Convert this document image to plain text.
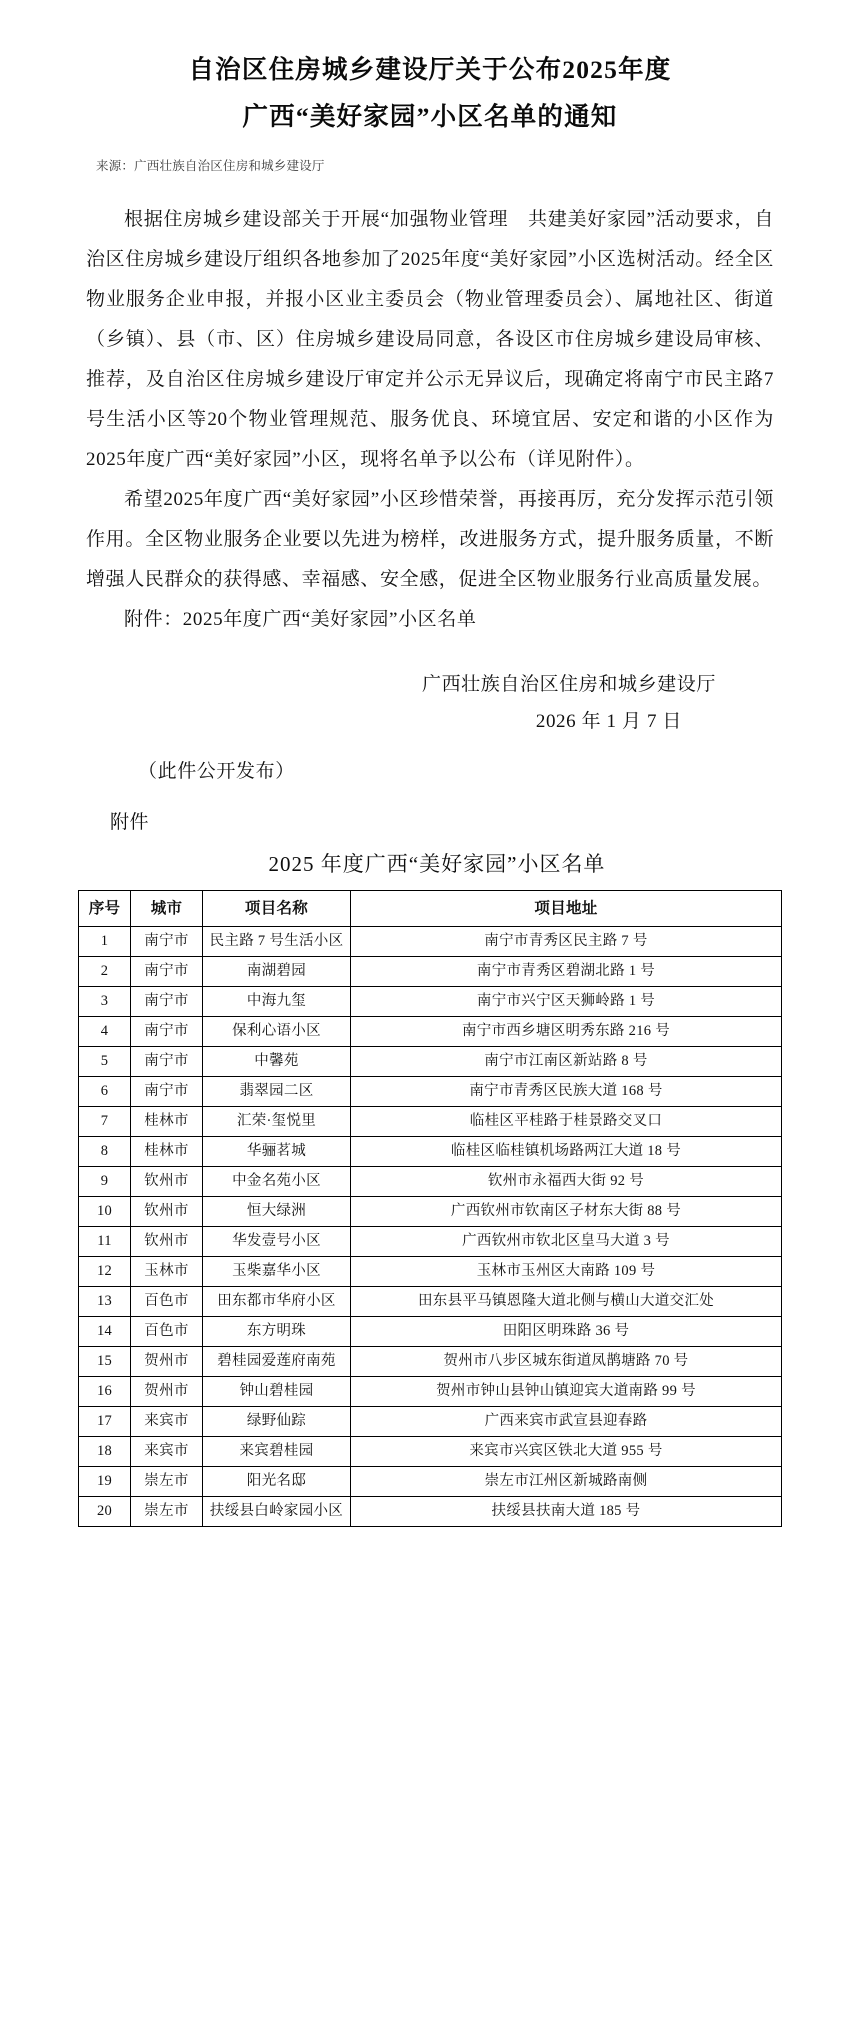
自治区住房城乡建设厅关于公布2025年度
广西“美好家园”小区名单的通知
来源：广西壮族自治区住房和城乡建设厅

根据住房城乡建设部关于开展“加强物业管理　共建美好家园”活动要求，自治区住房城乡建设厅组织各地参加了2025年度“美好家园”小区选树活动。经全区物业服务企业申报，并报小区业主委员会（物业管理委员会）、属地社区、街道（乡镇）、县（市、区）住房城乡建设局同意，各设区市住房城乡建设局审核、推荐，及自治区住房城乡建设厅审定并公示无异议后，现确定将南宁市民主路7号生活小区等20个物业管理规范、服务优良、环境宜居、安定和谐的小区作为2025年度广西“美好家园”小区，现将名单予以公布（详见附件）。

希望2025年度广西“美好家园”小区珍惜荣誉，再接再厉，充分发挥示范引领作用。全区物业服务企业要以先进为榜样，改进服务方式，提升服务质量，不断增强人民群众的获得感、幸福感、安全感，促进全区物业服务行业高质量发展。

附件：2025年度广西“美好家园”小区名单

广西壮族自治区住房和城乡建设厅
2026 年 1 月 7 日
（此件公开发布）
附件
2025 年度广西“美好家园”小区名单
序号	城市	项目名称	项目地址
1	南宁市	民主路 7 号生活小区	南宁市青秀区民主路 7 号
2	南宁市	南湖碧园	南宁市青秀区碧湖北路 1 号
3	南宁市	中海九玺	南宁市兴宁区天狮岭路 1 号
4	南宁市	保利心语小区	南宁市西乡塘区明秀东路 216 号
5	南宁市	中馨苑	南宁市江南区新站路 8 号
6	南宁市	翡翠园二区	南宁市青秀区民族大道 168 号
7	桂林市	汇荣·玺悦里	临桂区平桂路于桂景路交叉口
8	桂林市	华骊茗城	临桂区临桂镇机场路两江大道 18 号
9	钦州市	中金名苑小区	钦州市永福西大街 92 号
10	钦州市	恒大绿洲	广西钦州市钦南区子材东大街 88 号
11	钦州市	华发壹号小区	广西钦州市钦北区皇马大道 3 号
12	玉林市	玉柴嘉华小区	玉林市玉州区大南路 109 号
13	百色市	田东都市华府小区	田东县平马镇恩隆大道北侧与横山大道交汇处
14	百色市	东方明珠	田阳区明珠路 36 号
15	贺州市	碧桂园爱莲府南苑	贺州市八步区城东街道凤鹊塘路 70 号
16	贺州市	钟山碧桂园	贺州市钟山县钟山镇迎宾大道南路 99 号
17	来宾市	绿野仙踪	广西来宾市武宣县迎春路
18	来宾市	来宾碧桂园	来宾市兴宾区铁北大道 955 号
19	崇左市	阳光名邸	崇左市江州区新城路南侧
20	崇左市	扶绥县白岭家园小区	扶绥县扶南大道 185 号
